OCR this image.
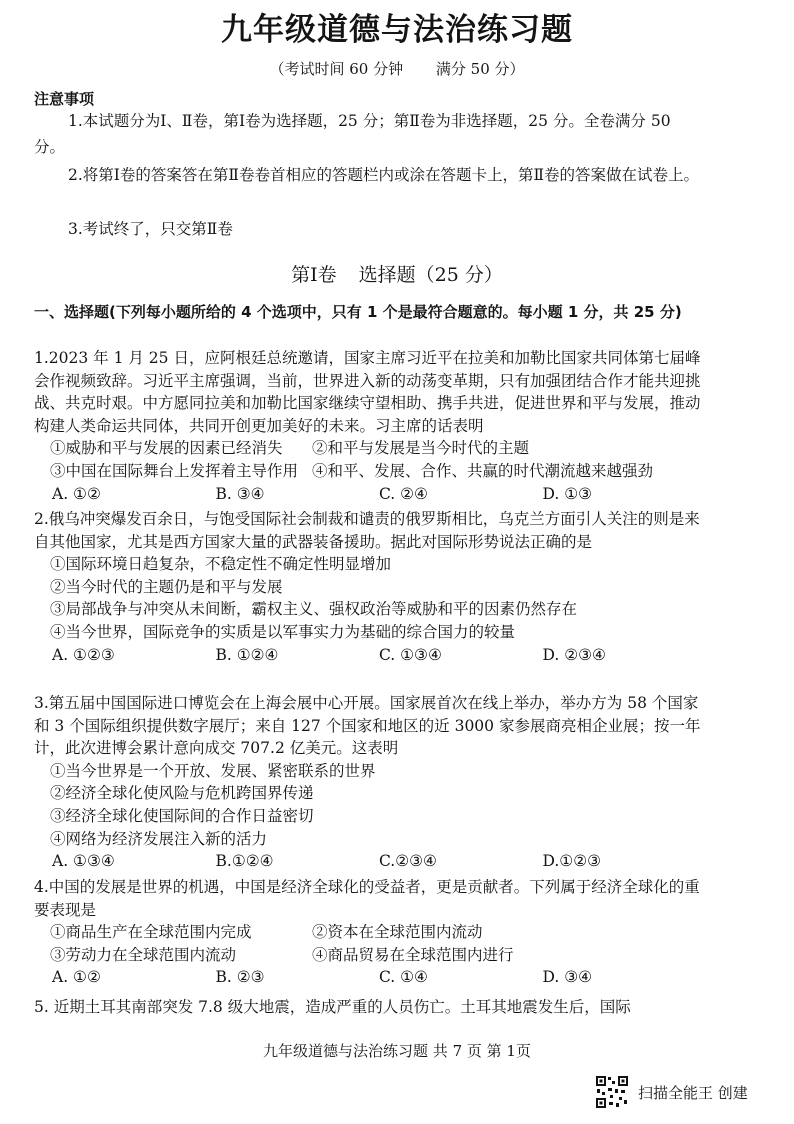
九年级道德与法治练习题
（考试时间 60 分钟 满分 50 分）
注意事项
1.本试题分为Ⅰ、Ⅱ卷，第Ⅰ卷为选择题，25 分；第Ⅱ卷为非选择题，25 分。全卷满分 50 分。
2.将第Ⅰ卷的答案答在第Ⅱ卷卷首相应的答题栏内或涂在答题卡上，第Ⅱ卷的答案做在试卷上。
3.考试终了，只交第Ⅱ卷
第Ⅰ卷 选择题（25 分）
一、选择题(下列每小题所给的 4 个选项中，只有 1 个是最符合题意的。每小题 1 分，共 25 分)
1.2023 年 1 月 25 日，应阿根廷总统邀请，国家主席习近平在拉美和加勒比国家共同体第七届峰会作视频致辞。习近平主席强调，当前，世界进入新的动荡变革期，只有加强团结合作才能共迎挑战、共克时艰。中方愿同拉美和加勒比国家继续守望相助、携手共进，促进世界和平与发展，推动构建人类命运共同体，共同开创更加美好的未来。习主席的话表明
①威胁和平与发展的因素已经消失 ②和平与发展是当今时代的主题
③中国在国际舞台上发挥着主导作用 ④和平、发展、合作、共赢的时代潮流越来越强劲
A. ①②	B. ③④	C. ②④	D. ①③
2.俄乌冲突爆发百余日，与饱受国际社会制裁和谴责的俄罗斯相比，乌克兰方面引人关注的则是来自其他国家，尤其是西方国家大量的武器装备援助。据此对国际形势说法正确的是
①国际环境日趋复杂，不稳定性不确定性明显增加
②当今时代的主题仍是和平与发展
③局部战争与冲突从未间断，霸权主义、强权政治等威胁和平的因素仍然存在
④当今世界，国际竞争的实质是以军事实力为基础的综合国力的较量
A. ①②③	B. ①②④	C. ①③④	D. ②③④
3.第五届中国国际进口博览会在上海会展中心开展。国家展首次在线上举办，举办方为 58 个国家和 3 个国际组织提供数字展厅；来自 127 个国家和地区的近 3000 家参展商亮相企业展；按一年计，此次进博会累计意向成交 707.2 亿美元。这表明
①当今世界是一个开放、发展、紧密联系的世界
②经济全球化使风险与危机跨国界传递
③经济全球化使国际间的合作日益密切
④网络为经济发展注入新的活力
A. ①③④	B.①②④	C.②③④	D.①②③
4.中国的发展是世界的机遇，中国是经济全球化的受益者，更是贡献者。下列属于经济全球化的重要表现是
①商品生产在全球范围内完成	②资本在全球范围内流动
③劳动力在全球范围内流动	④商品贸易在全球范围内进行
A. ①②	B. ②③	C. ①④	D. ③④
5. 近期土耳其南部突发 7.8 级大地震，造成严重的人员伤亡。土耳其地震发生后，国际
九年级道德与法治练习题 共 7 页 第 1页
扫描全能王 创建
